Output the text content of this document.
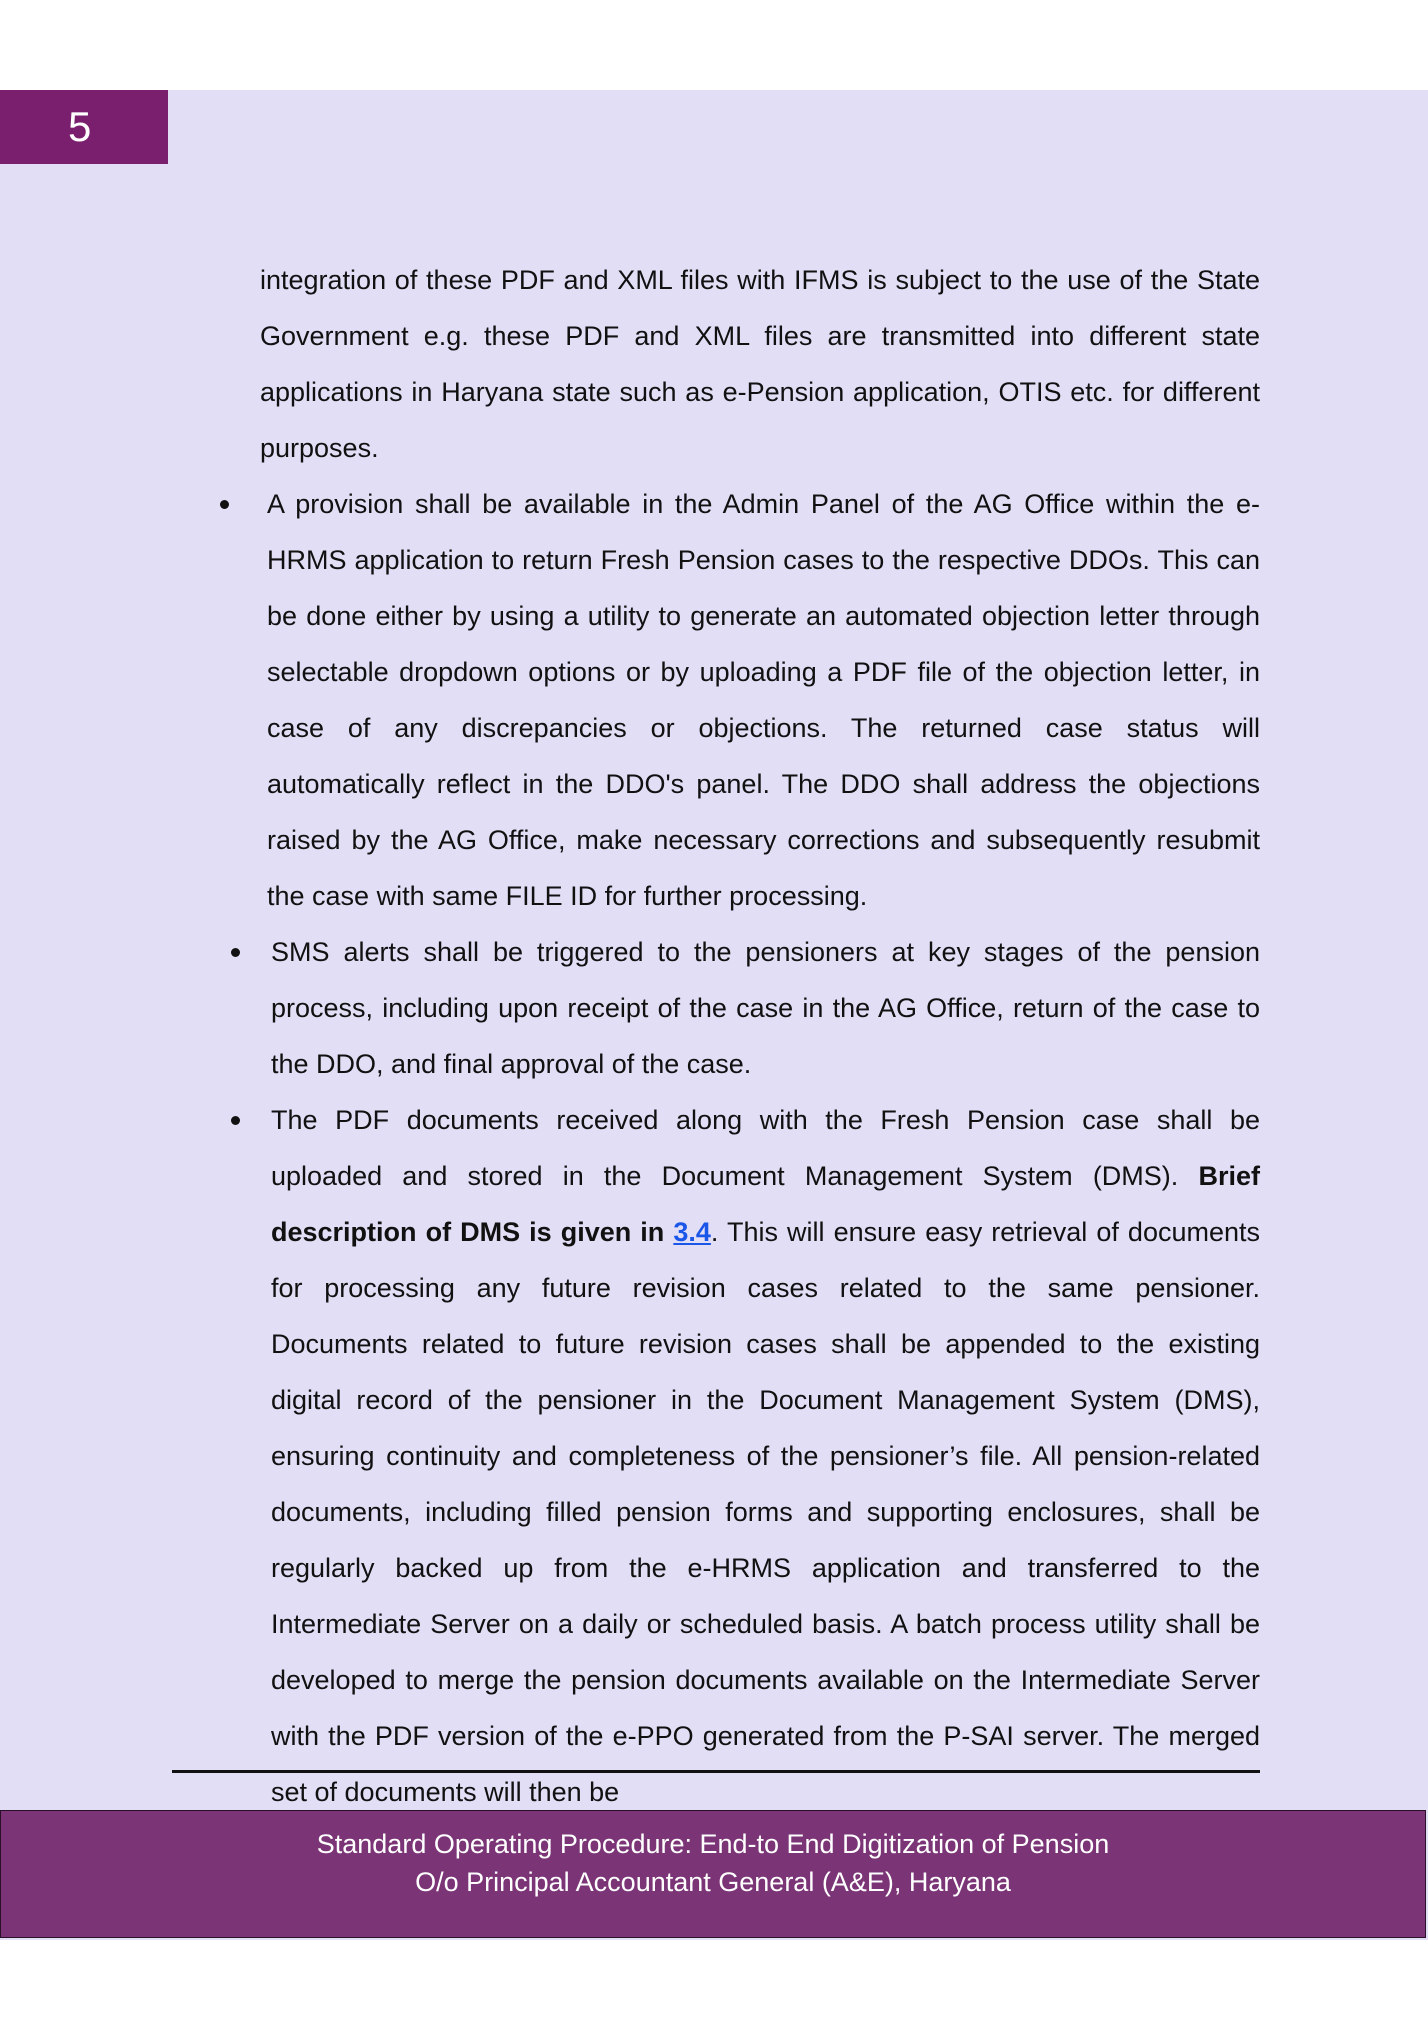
5

integration of these PDF and XML files with IFMS is subject to the use of the State Government e.g. these PDF and XML files are transmitted into different state applications in Haryana state such as e-Pension application, OTIS etc. for different purposes.

A provision shall be available in the Admin Panel of the AG Office within the e-HRMS application to return Fresh Pension cases to the respective DDOs. This can be done either by using a utility to generate an automated objection letter through selectable dropdown options or by uploading a PDF file of the objection letter, in case of any discrepancies or objections. The returned case status will automatically reflect in the DDO's panel. The DDO shall address the objections raised by the AG Office, make necessary corrections and subsequently resubmit the case with same FILE ID for further processing.

SMS alerts shall be triggered to the pensioners at key stages of the pension process, including upon receipt of the case in the AG Office, return of the case to the DDO, and final approval of the case.

The PDF documents received along with the Fresh Pension case shall be uploaded and stored in the Document Management System (DMS). Brief description of DMS is given in 3.4. This will ensure easy retrieval of documents for processing any future revision cases related to the same pensioner. Documents related to future revision cases shall be appended to the existing digital record of the pensioner in the Document Management System (DMS), ensuring continuity and completeness of the pensioner’s file. All pension-related documents, including filled pension forms and supporting enclosures, shall be regularly backed up from the e-HRMS application and transferred to the Intermediate Server on a daily or scheduled basis. A batch process utility shall be developed to merge the pension documents available on the Intermediate Server with the PDF version of the e-PPO generated from the P-SAI server. The merged set of documents will then be

Standard Operating Procedure: End-to End Digitization of Pension
O/o Principal Accountant General (A&E), Haryana
